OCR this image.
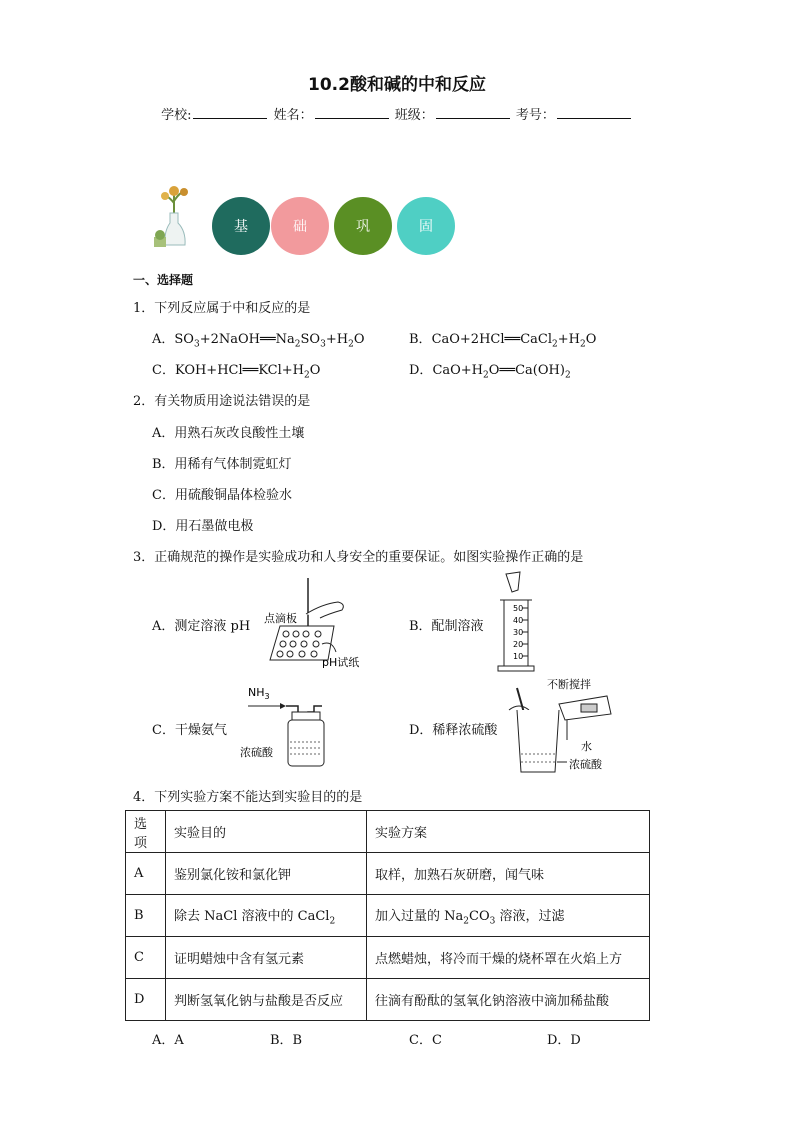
10.2酸和碱的中和反应
学校:	姓名：	班级：	考号：
基	础	巩	固
一、选择题
1．下列反应属于中和反应的是
A．$SO_3+2NaOH══Na_2SO_3+H_2O$	B．$CaO+2HCl══CaCl_2+H_2O$
C．$KOH+HCl══KCl+H_2O$	D．$CaO+H_2O══Ca(OH)_2$
2．有关物质用途说法错误的是
A．用熟石灰改良酸性土壤
B．用稀有气体制霓虹灯
C．用硫酸铜晶体检验水
D．用石墨做电极
3．正确规范的操作是实验成功和人身安全的重要保证。如图实验操作正确的是
A．测定溶液 pH	B．配制溶液
C．干燥氨气	D．稀释浓硫酸
点滴板
pH试纸
50
40
30
20
10
$NH_3$
浓硫酸
不断搅拌
水
浓硫酸
4．下列实验方案不能达到实验目的的是
选项	实验目的	实验方案
A	鉴别氯化铵和氯化钾	取样，加熟石灰研磨，闻气味
B	除去 NaCl 溶液中的 CaCl$_2$	加入过量的 $Na_2CO_3$ 溶液，过滤
C	证明蜡烛中含有氢元素	点燃蜡烛，将冷而干燥的烧杯罩在火焰上方
D	判断氢氧化钠与盐酸是否反应	往滴有酚酞的氢氧化钠溶液中滴加稀盐酸
A．A	B．B	C．C	D．D
